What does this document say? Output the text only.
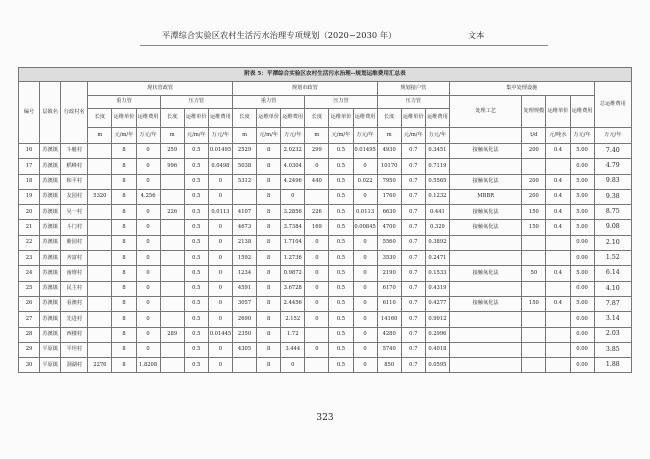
平潭综合实验区农村生活污水治理专项规划（2020~2030 年）	文本
附表 5：平潭综合实验区农村生活污水治理--规划运维费用汇总表																						
编号	层镇名	行政村名	现状管政管						规划市政管						规划接户管			集中处理设施				总运维费用
			重力管			压力管			重力管			压力管			压力管			处理工艺	处理规模	运维单价	运维费用	
			长度	运维单价	运维费用	长度	运维单价	运维费用	长度	运维单价	运维费用	长度	运维单价	运维费用	长度	运维单价	运维费用					
			m	元/m/年	万元/年	m	元/m/年	万元/年	m	元/m/年	万元/年	m	元/m/年	万元/年	m	元/m/年	万元/年		t/d	元/吨水	万元/年	万元/年
16	苏澳镇	斗魁村		8	0	259	0.5	0.01495	2529	8	2.0232	299	0.5	0.01495	4930	0.7	0.3451	接触氧化法	200	0.4	5.00	7.40
17	苏澳镇	稻峰村		8	0	996	0.5	0.0498	5038	8	4.0304	0	0.5	0	10170	0.7	0.7119				0.00	4.79
18	苏澳镇	和平村		8	0		0.5	0	5312	8	4.2496	440	0.5	0.022	7950	0.7	0.5565	接触氧化法	200	0.4	5.00	9.83
19	苏澳镇	友园村	5320	8	4.256		0.5	0		8	0		0.5	0	1760	0.7	0.1232	MBBR	200	0.4	5.00	9.38
20	苏澳镇	吴一村		8	0	226	0.5	0.0113	4107	8	3.2856	226	0.5	0.0113	6630	0.7	0.441	接触氧化法	150	0.4	5.00	8.75
21	苏澳镇	斗门村		8	0		0.5	0	4673	8	3.7384	169	0.5	0.00845	4700	0.7	0.329	接触氧化法	150	0.4	5.00	9.08
22	苏澳镇	紫园村		8	0		0.5	0	2138	8	1.7104	0	0.5	0	5560	0.7	0.3892				0.00	2.10
23	苏澳镇	齐富村		8	0		0.5	0	1592	8	1.2736	0	0.5	0	3530	0.7	0.2471				0.00	1.52
24	苏澳镇	南堆村		8	0		0.5	0	1234	8	0.9872	0	0.5	0	2190	0.7	0.1533	接触氧化法	50	0.4	5.00	6.14
25	苏澳镇	民主村		8	0		0.5	0	4591	8	3.6728	0	0.5	0	6170	0.7	0.4319				0.00	4.10
26	苏澳镇	看澳村		8	0		0.5	0	3057	8	2.4456	0	0.5	0	6110	0.7	0.4277	接触氧化法	150	0.4	5.00	7.87
27	苏澳镇	先进村		8	0		0.5	0	2690	8	2.152	0	0.5	0	14160	0.7	0.9912				0.00	3.14
28	苏澳镇	西楼村		8	0	289	0.5	0.01445	2350	8	1.72		0.5	0	4280	0.7	0.2996				0.00	2.03
29	平原镇	平坦村		8	0		0.5	0	4305	8	3.444	0	0.5	0	5740	0.7	0.4018				0.00	3.85
30	平原镇	洞湖村	2276	8	1.8208		0.5	0		8	0		0.5	0	850	0.7	0.0595				0.00	1.88
323
